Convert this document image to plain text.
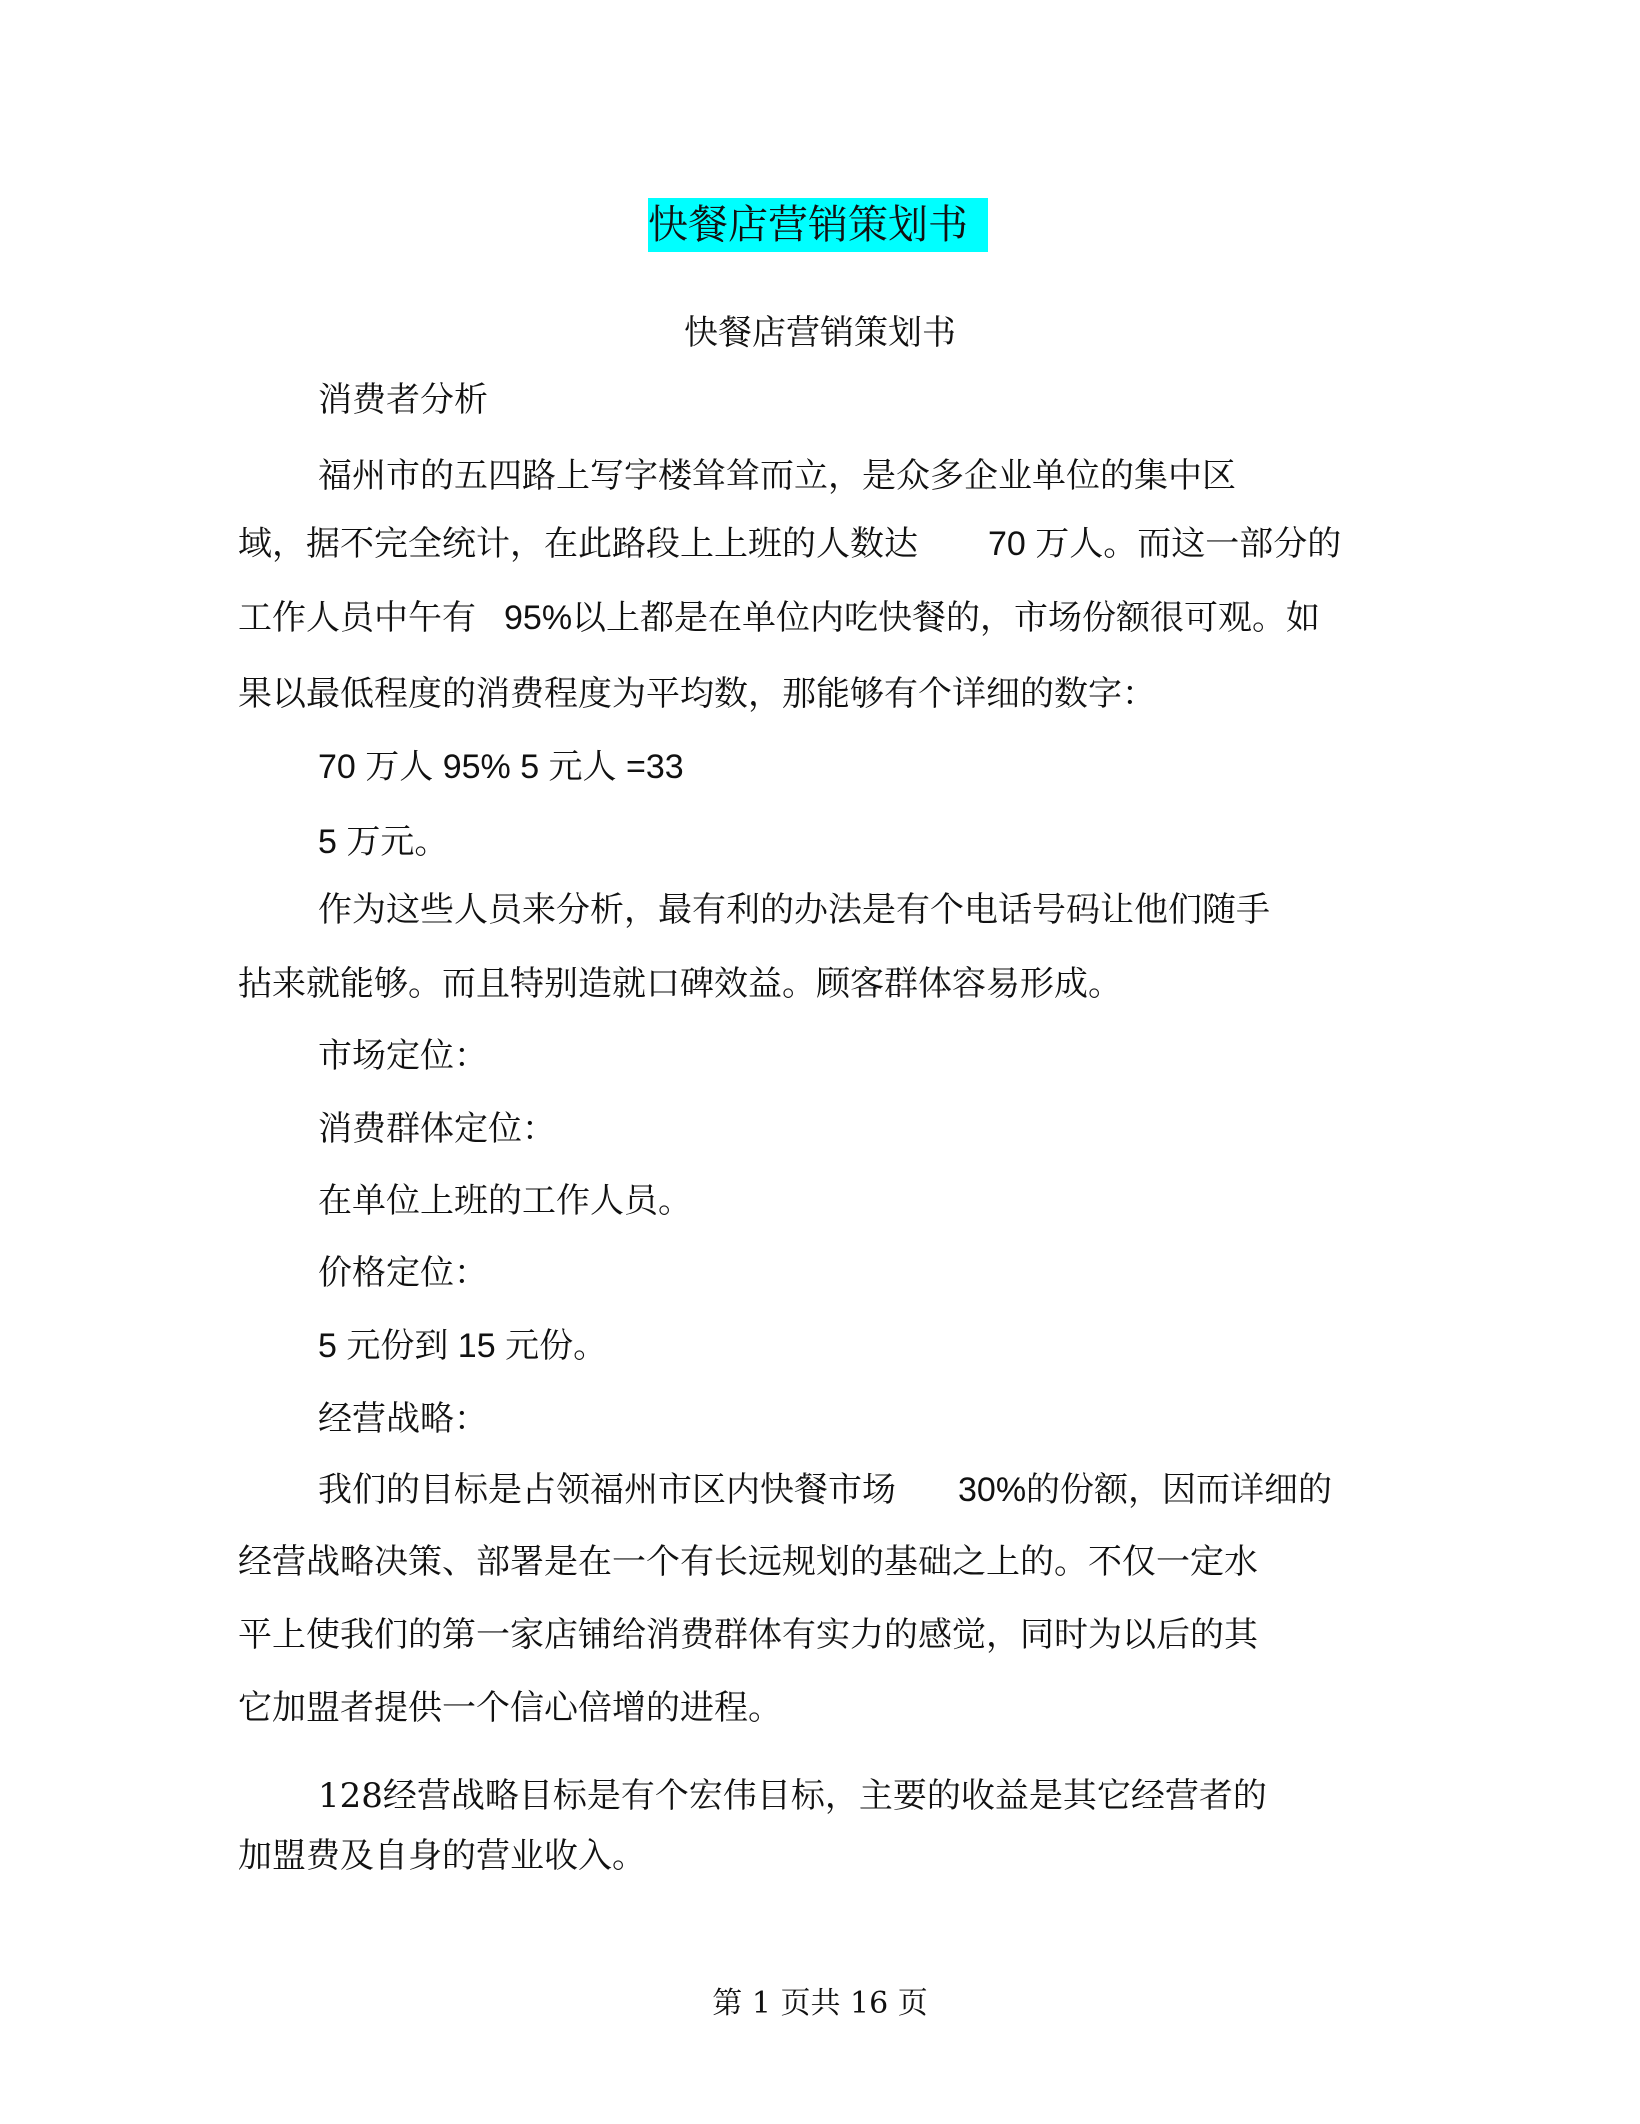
快餐店营销策划书
快餐店营销策划书
消费者分析
福州市的五四路上写字楼耸耸而立，是众多企业单位的集中区
域，据不完全统计，在此路段上上班的人数达 70 万人。而这一部分的
工作人员中午有 95%以上都是在单位内吃快餐的，市场份额很可观。如
果以最低程度的消费程度为平均数，那能够有个详细的数字：
70 万人 95% 5 元人 =33
5 万元。
作为这些人员来分析，最有利的办法是有个电话号码让他们随手
拈来就能够。而且特别造就口碑效益。顾客群体容易形成。
市场定位：
消费群体定位：
在单位上班的工作人员。
价格定位：
5 元份到 15 元份。
经营战略：
我们的目标是占领福州市区内快餐市场 30%的份额，因而详细的
经营战略决策、部署是在一个有长远规划的基础之上的。不仅一定水
平上使我们的第一家店铺给消费群体有实力的感觉，同时为以后的其
它加盟者提供一个信心倍增的进程。
128经营战略目标是有个宏伟目标，主要的收益是其它经营者的
加盟费及自身的营业收入。
第 1 页共 16 页
